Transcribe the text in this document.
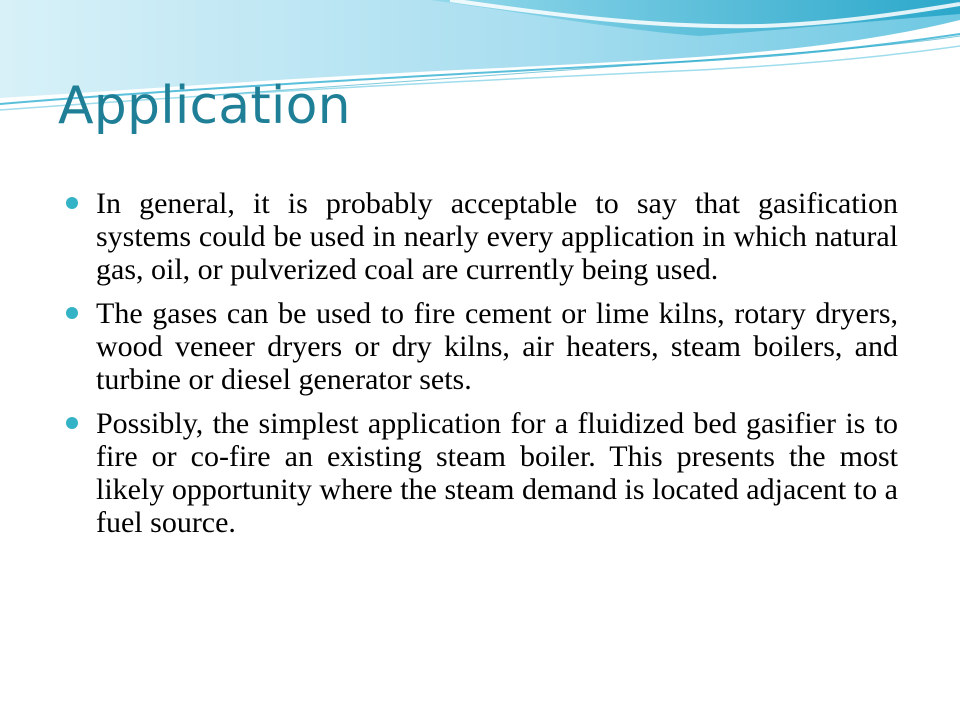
Application
In general, it is probably acceptable to say that gasification systems could be used in nearly every application in which natural gas, oil, or pulverized coal are currently being used.
The gases can be used to fire cement or lime kilns, rotary dryers, wood veneer dryers or dry kilns, air heaters, steam boilers, and turbine or diesel generator sets.
Possibly, the simplest application for a fluidized bed gasifier is to fire or co-fire an existing steam boiler. This presents the most likely opportunity where the steam demand is located adjacent to a fuel source.
